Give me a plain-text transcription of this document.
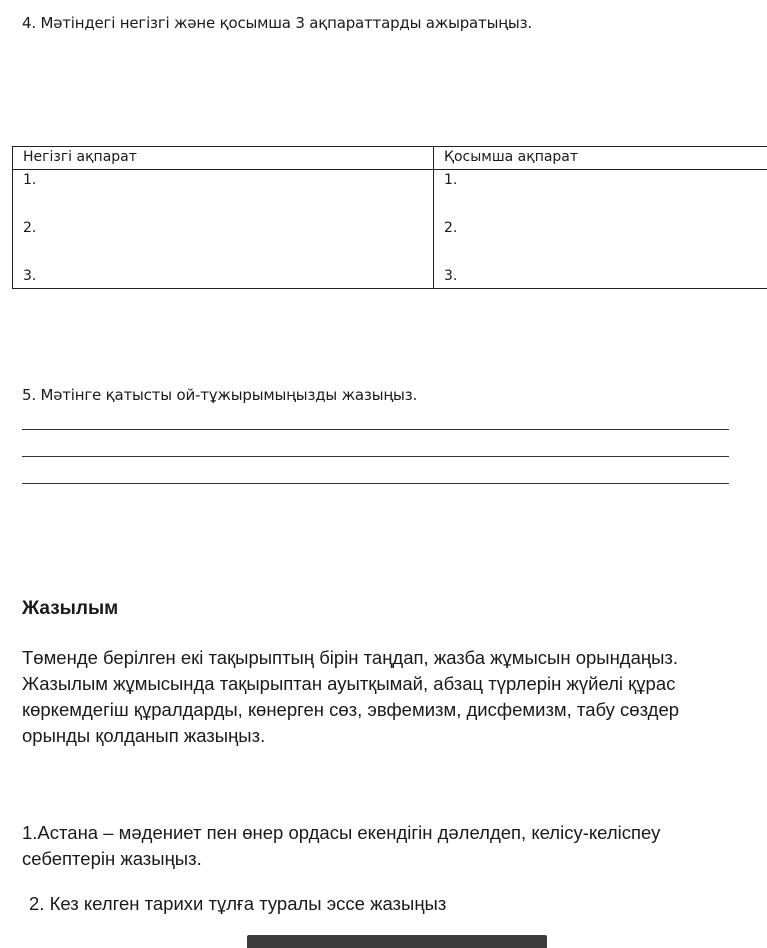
4. Мәтіндегі негізгі және қосымша 3 ақпараттарды ажыратыңыз.
Негізгі ақпарат	Қосымша ақпарат
1.	1.
2.	2.
3.	3.
5. Мәтінге қатысты ой-тұжырымыңызды жазыңыз.
Жазылым
Төменде берілген екі тақырыптың бірін таңдап, жазба жұмысын орындаңыз.
Жазылым жұмысында тақырыптан ауытқымай, абзац түрлерін жүйелі құрас
көркемдегіш құралдарды, көнерген сөз, эвфемизм, дисфемизм, табу сөздер
орынды қолданып жазыңыз.
1.Астана – мәдениет пен өнер ордасы екендігін дәлелдеп, келісу-келіспеу
себептерін жазыңыз.
2. Кез келген тарихи тұлға туралы эссе жазыңыз
